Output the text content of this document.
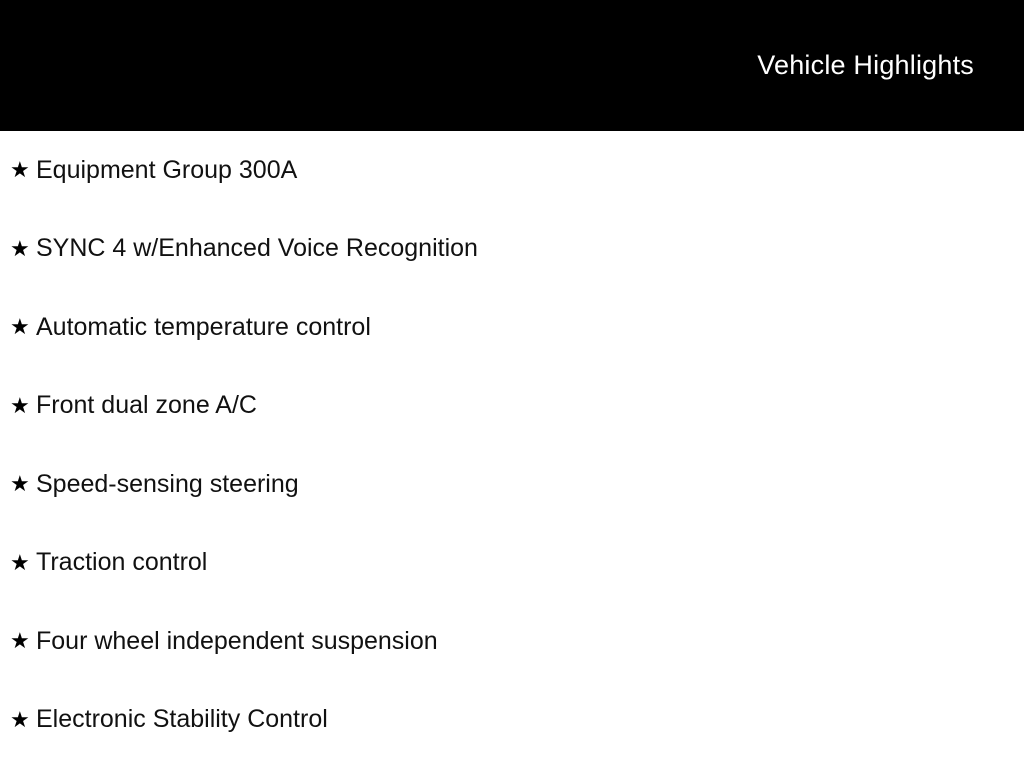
Vehicle Highlights
★ Equipment Group 300A
★ SYNC 4 w/Enhanced Voice Recognition
★ Automatic temperature control
★ Front dual zone A/C
★ Speed-sensing steering
★ Traction control
★ Four wheel independent suspension
★ Electronic Stability Control
